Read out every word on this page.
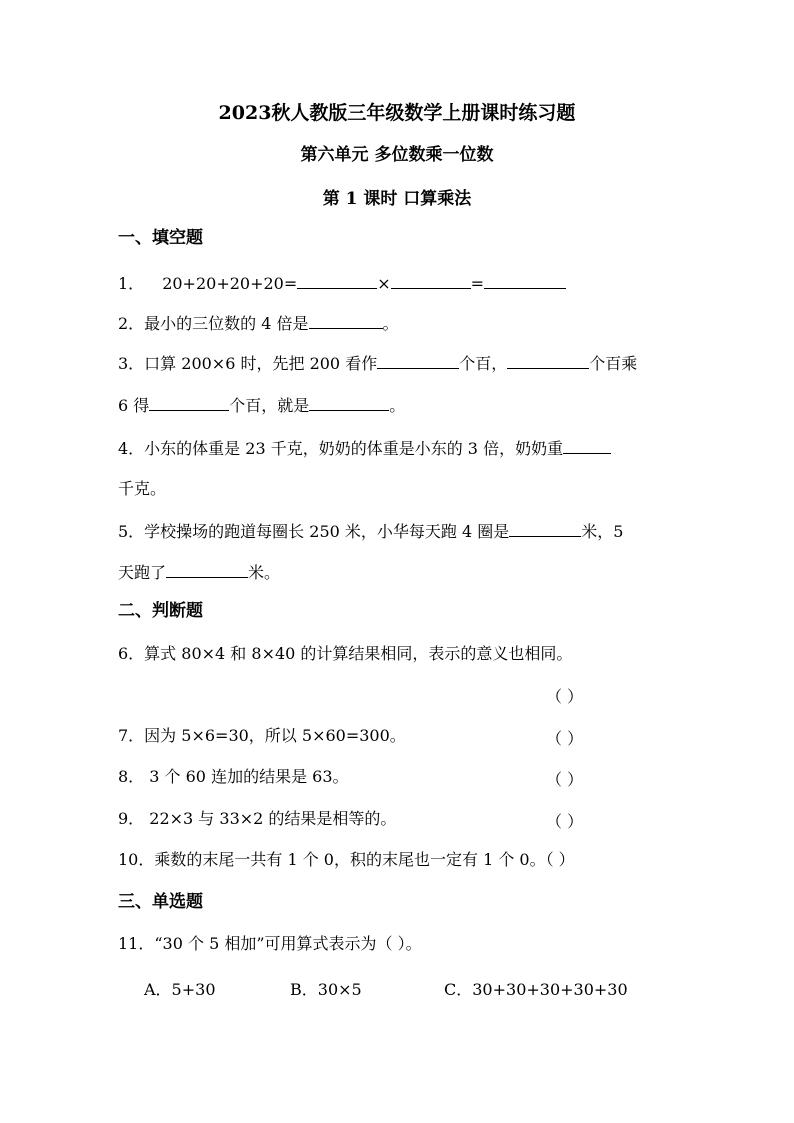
2023秋人教版三年级数学上册课时练习题
第六单元 多位数乘一位数
第 1 课时 口算乘法
一、填空题
1． 20+20+20+20=	×	=
2．最小的三位数的 4 倍是	。
3．口算 200×6 时，先把 200 看作	个百，	个百乘
6 得	个百，就是	。
4．小东的体重是 23 千克，奶奶的体重是小东的 3 倍，奶奶重
千克。
5．学校操场的跑道每圈长 250 米，小华每天跑 4 圈是	米，5
天跑了	米。
二、判断题
6．算式 80×4 和 8×40 的计算结果相同，表示的意义也相同。
（ ）
7．因为 5×6=30，所以 5×60=300。	（ ）
8． 3 个 60 连加的结果是 63。	（ ）
9． 22×3 与 33×2 的结果是相等的。	（ ）
10．乘数的末尾一共有 1 个 0，积的末尾也一定有 1 个 0。（ ）
三、单选题
11．“30 个 5 相加”可用算式表示为（ ）。
A．5+30	B．30×5	C．30+30+30+30+30
